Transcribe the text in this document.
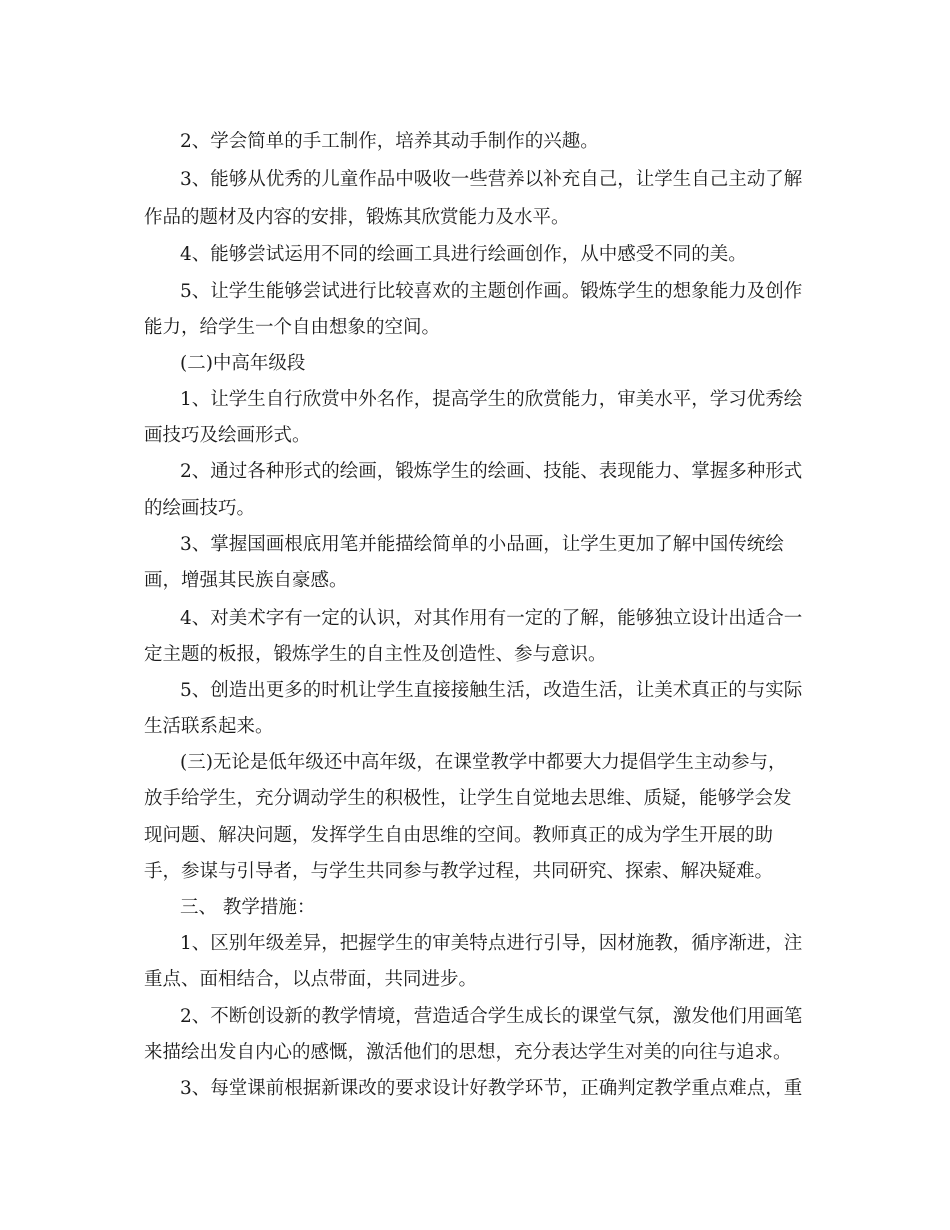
2、学会简单的手工制作，培养其动手制作的兴趣。
3、能够从优秀的儿童作品中吸收一些营养以补充自己，让学生自己主动了解
作品的题材及内容的安排，锻炼其欣赏能力及水平。
4、能够尝试运用不同的绘画工具进行绘画创作，从中感受不同的美。
5、让学生能够尝试进行比较喜欢的主题创作画。锻炼学生的想象能力及创作
能力，给学生一个自由想象的空间。
(二)中高年级段
1、让学生自行欣赏中外名作，提高学生的欣赏能力，审美水平，学习优秀绘
画技巧及绘画形式。
2、通过各种形式的绘画，锻炼学生的绘画、技能、表现能力、掌握多种形式
的绘画技巧。
3、掌握国画根底用笔并能描绘简单的小品画，让学生更加了解中国传统绘
画，增强其民族自豪感。
4、对美术字有一定的认识，对其作用有一定的了解，能够独立设计出适合一
定主题的板报，锻炼学生的自主性及创造性、参与意识。
5、创造出更多的时机让学生直接接触生活，改造生活，让美术真正的与实际
生活联系起来。
(三)无论是低年级还中高年级，在课堂教学中都要大力提倡学生主动参与，
放手给学生，充分调动学生的积极性，让学生自觉地去思维、质疑，能够学会发
现问题、解决问题，发挥学生自由思维的空间。教师真正的成为学生开展的助
手，参谋与引导者，与学生共同参与教学过程，共同研究、探索、解决疑难。
三、 教学措施：
1、区别年级差异，把握学生的审美特点进行引导，因材施教，循序渐进，注
重点、面相结合，以点带面，共同进步。
2、不断创设新的教学情境，营造适合学生成长的课堂气氛，激发他们用画笔
来描绘出发自内心的感慨，激活他们的思想，充分表达学生对美的向往与追求。
3、每堂课前根据新课改的要求设计好教学环节，正确判定教学重点难点，重
